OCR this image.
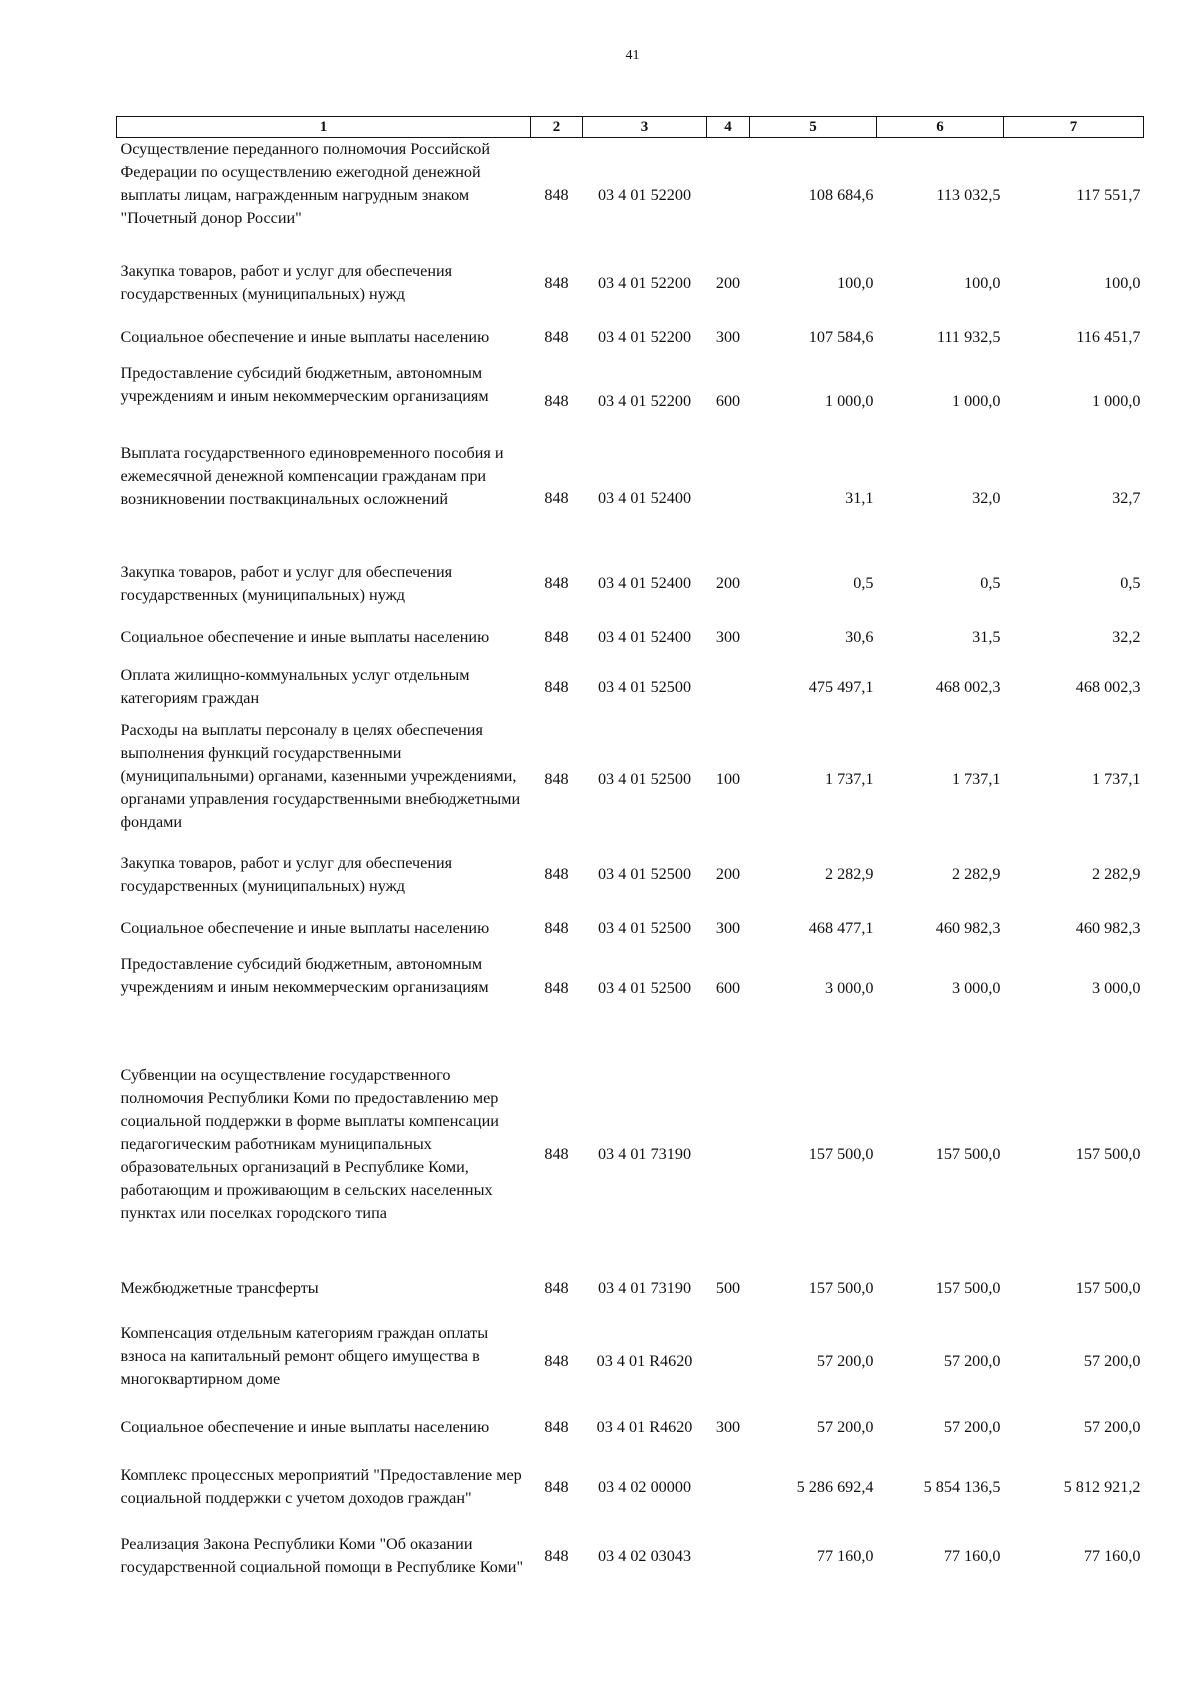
41
1	2	3	4	5	6	7
Осуществление переданного полномочия Российской Федерации по осуществлению ежегодной денежной выплаты лицам, награжденным нагрудным знаком "Почетный донор России"	848	03 4 01 52200		108 684,6	113 032,5	117 551,7
Закупка товаров, работ и услуг для обеспечения государственных (муниципальных) нужд	848	03 4 01 52200	200	100,0	100,0	100,0
Социальное обеспечение и иные выплаты населению	848	03 4 01 52200	300	107 584,6	111 932,5	116 451,7
Предоставление субсидий бюджетным, автономным учреждениям и иным некоммерческим организациям	848	03 4 01 52200	600	1 000,0	1 000,0	1 000,0
Выплата государственного единовременного пособия и ежемесячной денежной компенсации гражданам при возникновении поствакцинальных осложнений	848	03 4 01 52400		31,1	32,0	32,7
Закупка товаров, работ и услуг для обеспечения государственных (муниципальных) нужд	848	03 4 01 52400	200	0,5	0,5	0,5
Социальное обеспечение и иные выплаты населению	848	03 4 01 52400	300	30,6	31,5	32,2
Оплата жилищно-коммунальных услуг отдельным категориям граждан	848	03 4 01 52500		475 497,1	468 002,3	468 002,3
Расходы на выплаты персоналу в целях обеспечения выполнения функций государственными (муниципальными) органами, казенными учреждениями, органами управления государственными внебюджетными фондами	848	03 4 01 52500	100	1 737,1	1 737,1	1 737,1
Закупка товаров, работ и услуг для обеспечения государственных (муниципальных) нужд	848	03 4 01 52500	200	2 282,9	2 282,9	2 282,9
Социальное обеспечение и иные выплаты населению	848	03 4 01 52500	300	468 477,1	460 982,3	460 982,3
Предоставление субсидий бюджетным, автономным учреждениям и иным некоммерческим организациям	848	03 4 01 52500	600	3 000,0	3 000,0	3 000,0
Субвенции на осуществление государственного полномочия Республики Коми по предоставлению мер социальной поддержки в форме выплаты компенсации педагогическим работникам муниципальных образовательных организаций в Республике Коми, работающим и проживающим в сельских населенных пунктах или поселках городского типа	848	03 4 01 73190		157 500,0	157 500,0	157 500,0
Межбюджетные трансферты	848	03 4 01 73190	500	157 500,0	157 500,0	157 500,0
Компенсация отдельным категориям граждан оплаты взноса на капитальный ремонт общего имущества в многоквартирном доме	848	03 4 01 R4620		57 200,0	57 200,0	57 200,0
Социальное обеспечение и иные выплаты населению	848	03 4 01 R4620	300	57 200,0	57 200,0	57 200,0
Комплекс процессных мероприятий "Предоставление мер социальной поддержки с учетом доходов граждан"	848	03 4 02 00000		5 286 692,4	5 854 136,5	5 812 921,2
Реализация Закона Республики Коми "Об оказании государственной социальной помощи в Республике Коми"	848	03 4 02 03043		77 160,0	77 160,0	77 160,0
